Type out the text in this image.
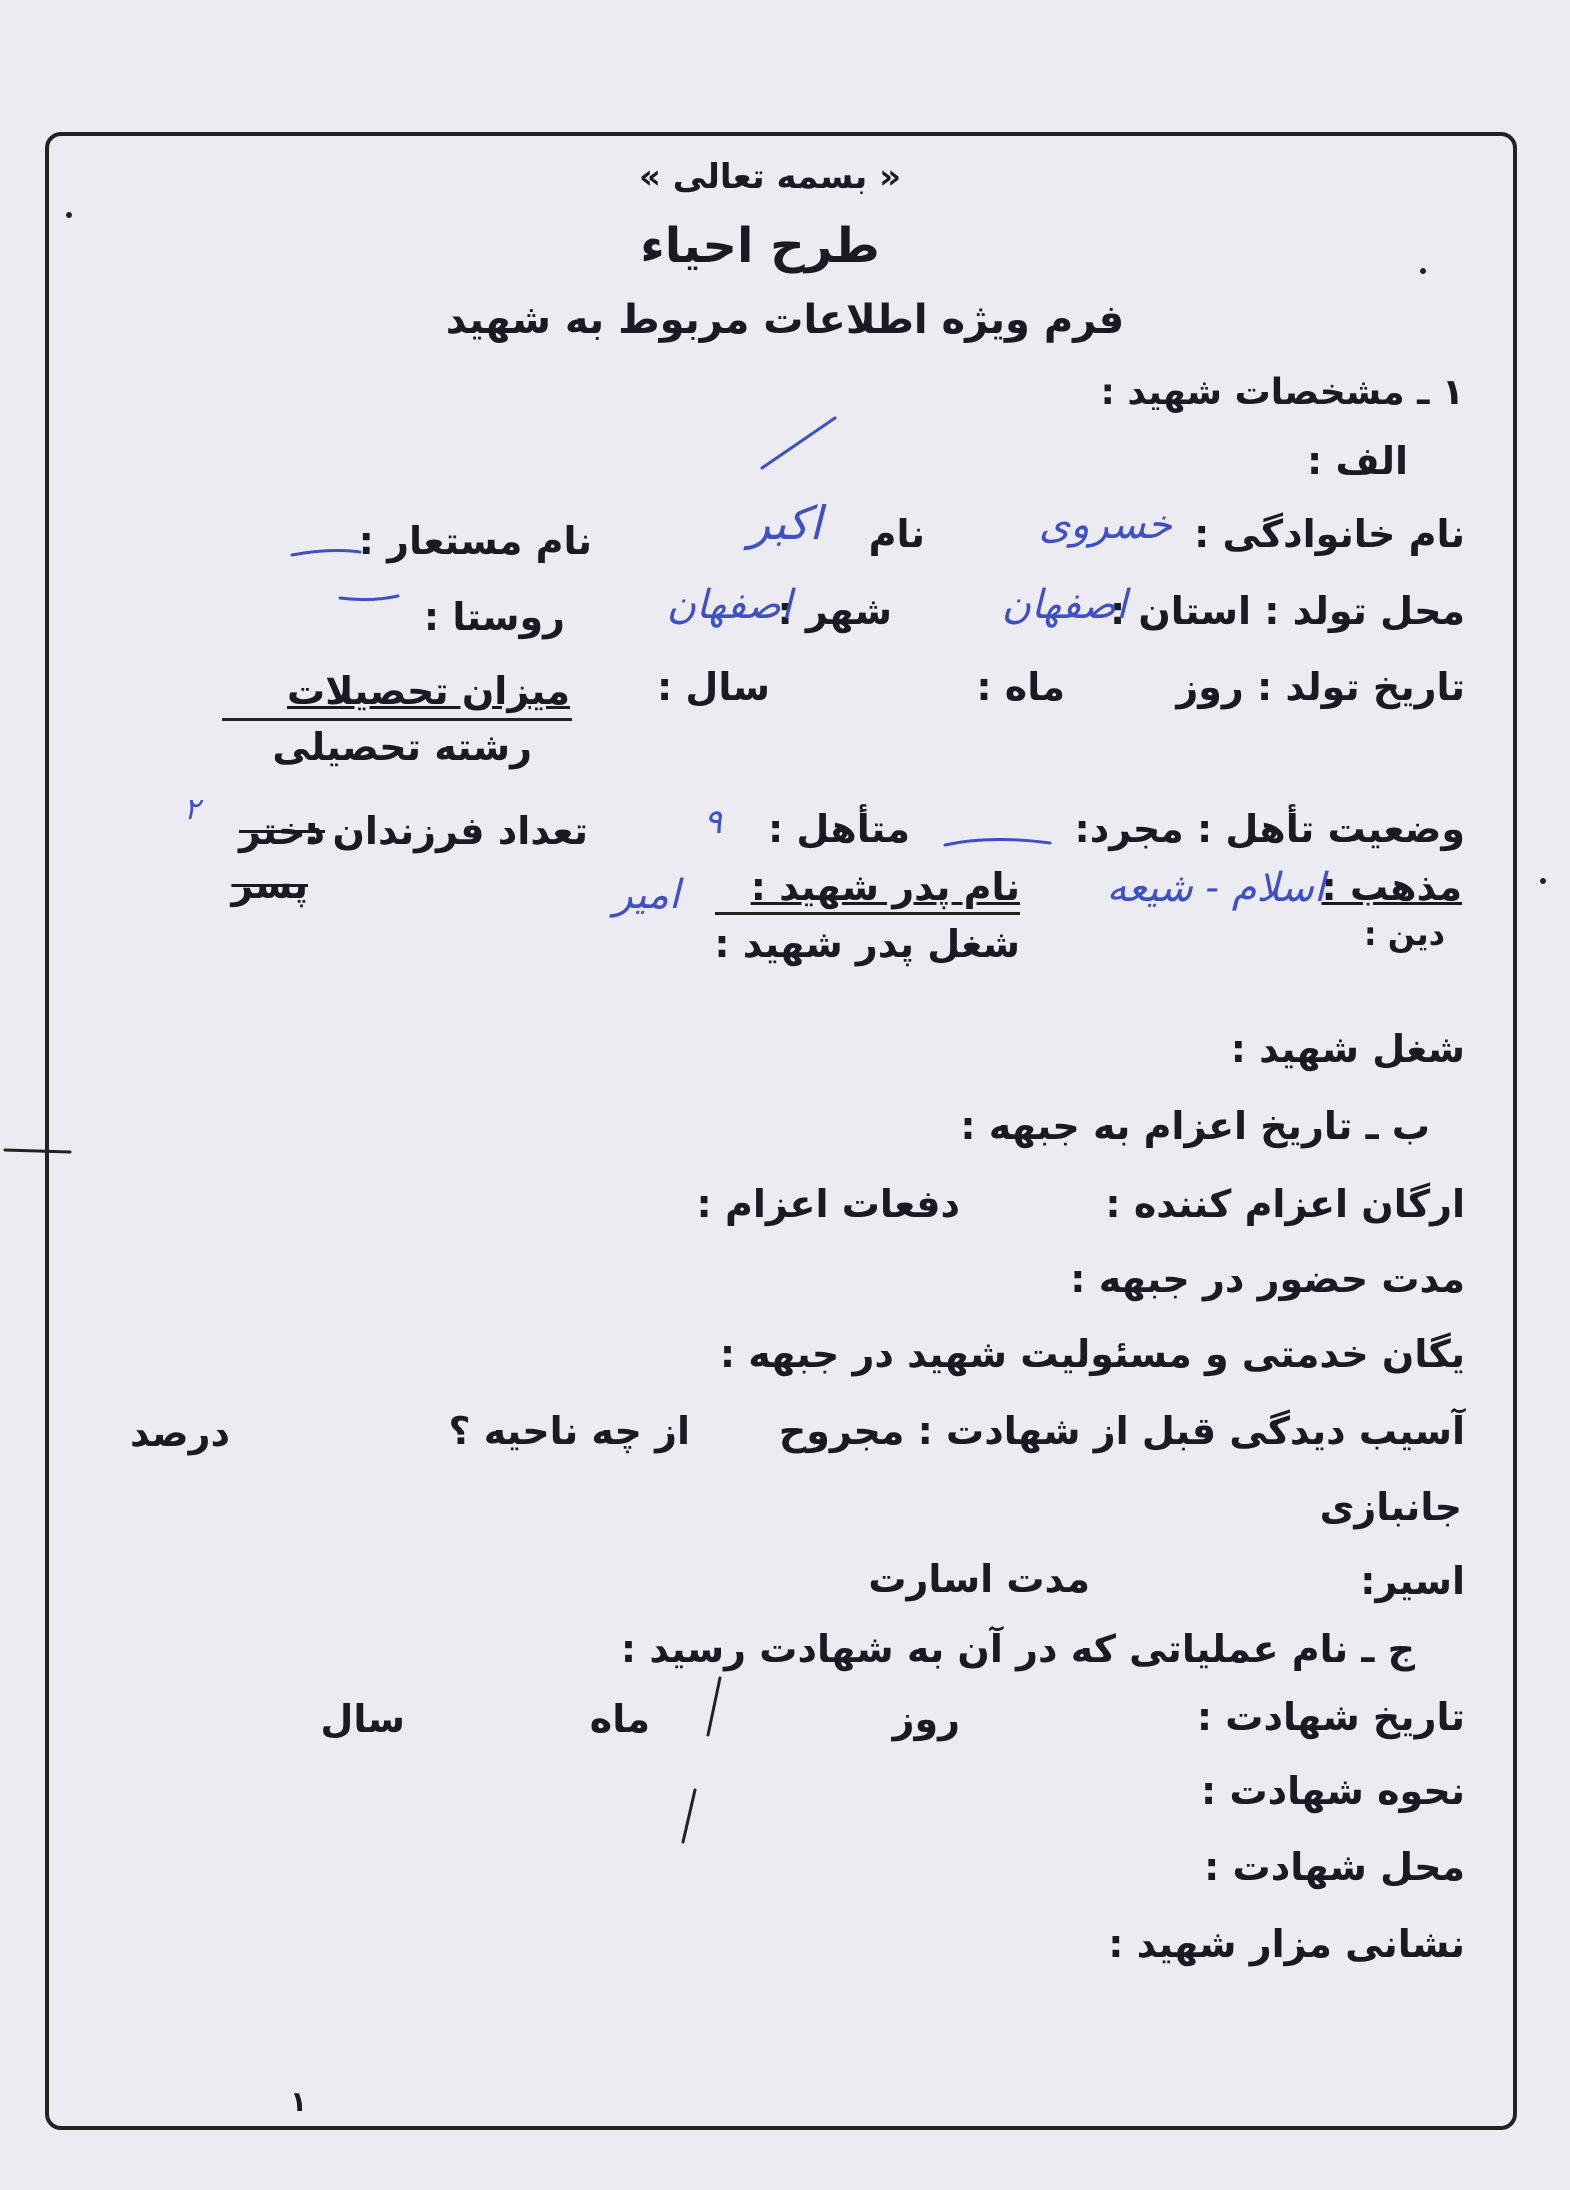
« بسمه تعالی »
طرح احیاء
فرم ویژه اطلاعات مربوط به شهید
۱ ـ مشخصات شهید :
الف :
نام خانوادگی :
خسروی
نام
اکبر
نام مستعار :
محل تولد : استان :
اصفهان
شهر :
اصفهان
روستا :
تاریخ تولد : روز
ماه :
سال :
میزان تحصیلات
رشته تحصیلی
وضعیت تأهل : مجرد:
متأهل :
۹
تعداد فرزندان :
دختر
پسر
۲
مذهب :
اسلام - شیعه
دین :
نام پدر شهید :
امیر
شغل پدر شهید :
شغل شهید :
ب ـ تاریخ اعزام به جبهه :
ارگان اعزام کننده :
دفعات اعزام :
مدت حضور در جبهه :
یگان خدمتی و مسئولیت شهید در جبهه :
آسیب دیدگی قبل از شهادت : مجروح
از چه ناحیه ؟
درصد
جانبازی
اسیر:
مدت اسارت
ج ـ نام عملیاتی که در آن به شهادت رسید :
تاریخ شهادت :
روز
ماه
سال
نحوه شهادت :
محل شهادت :
نشانی مزار شهید :
۱
